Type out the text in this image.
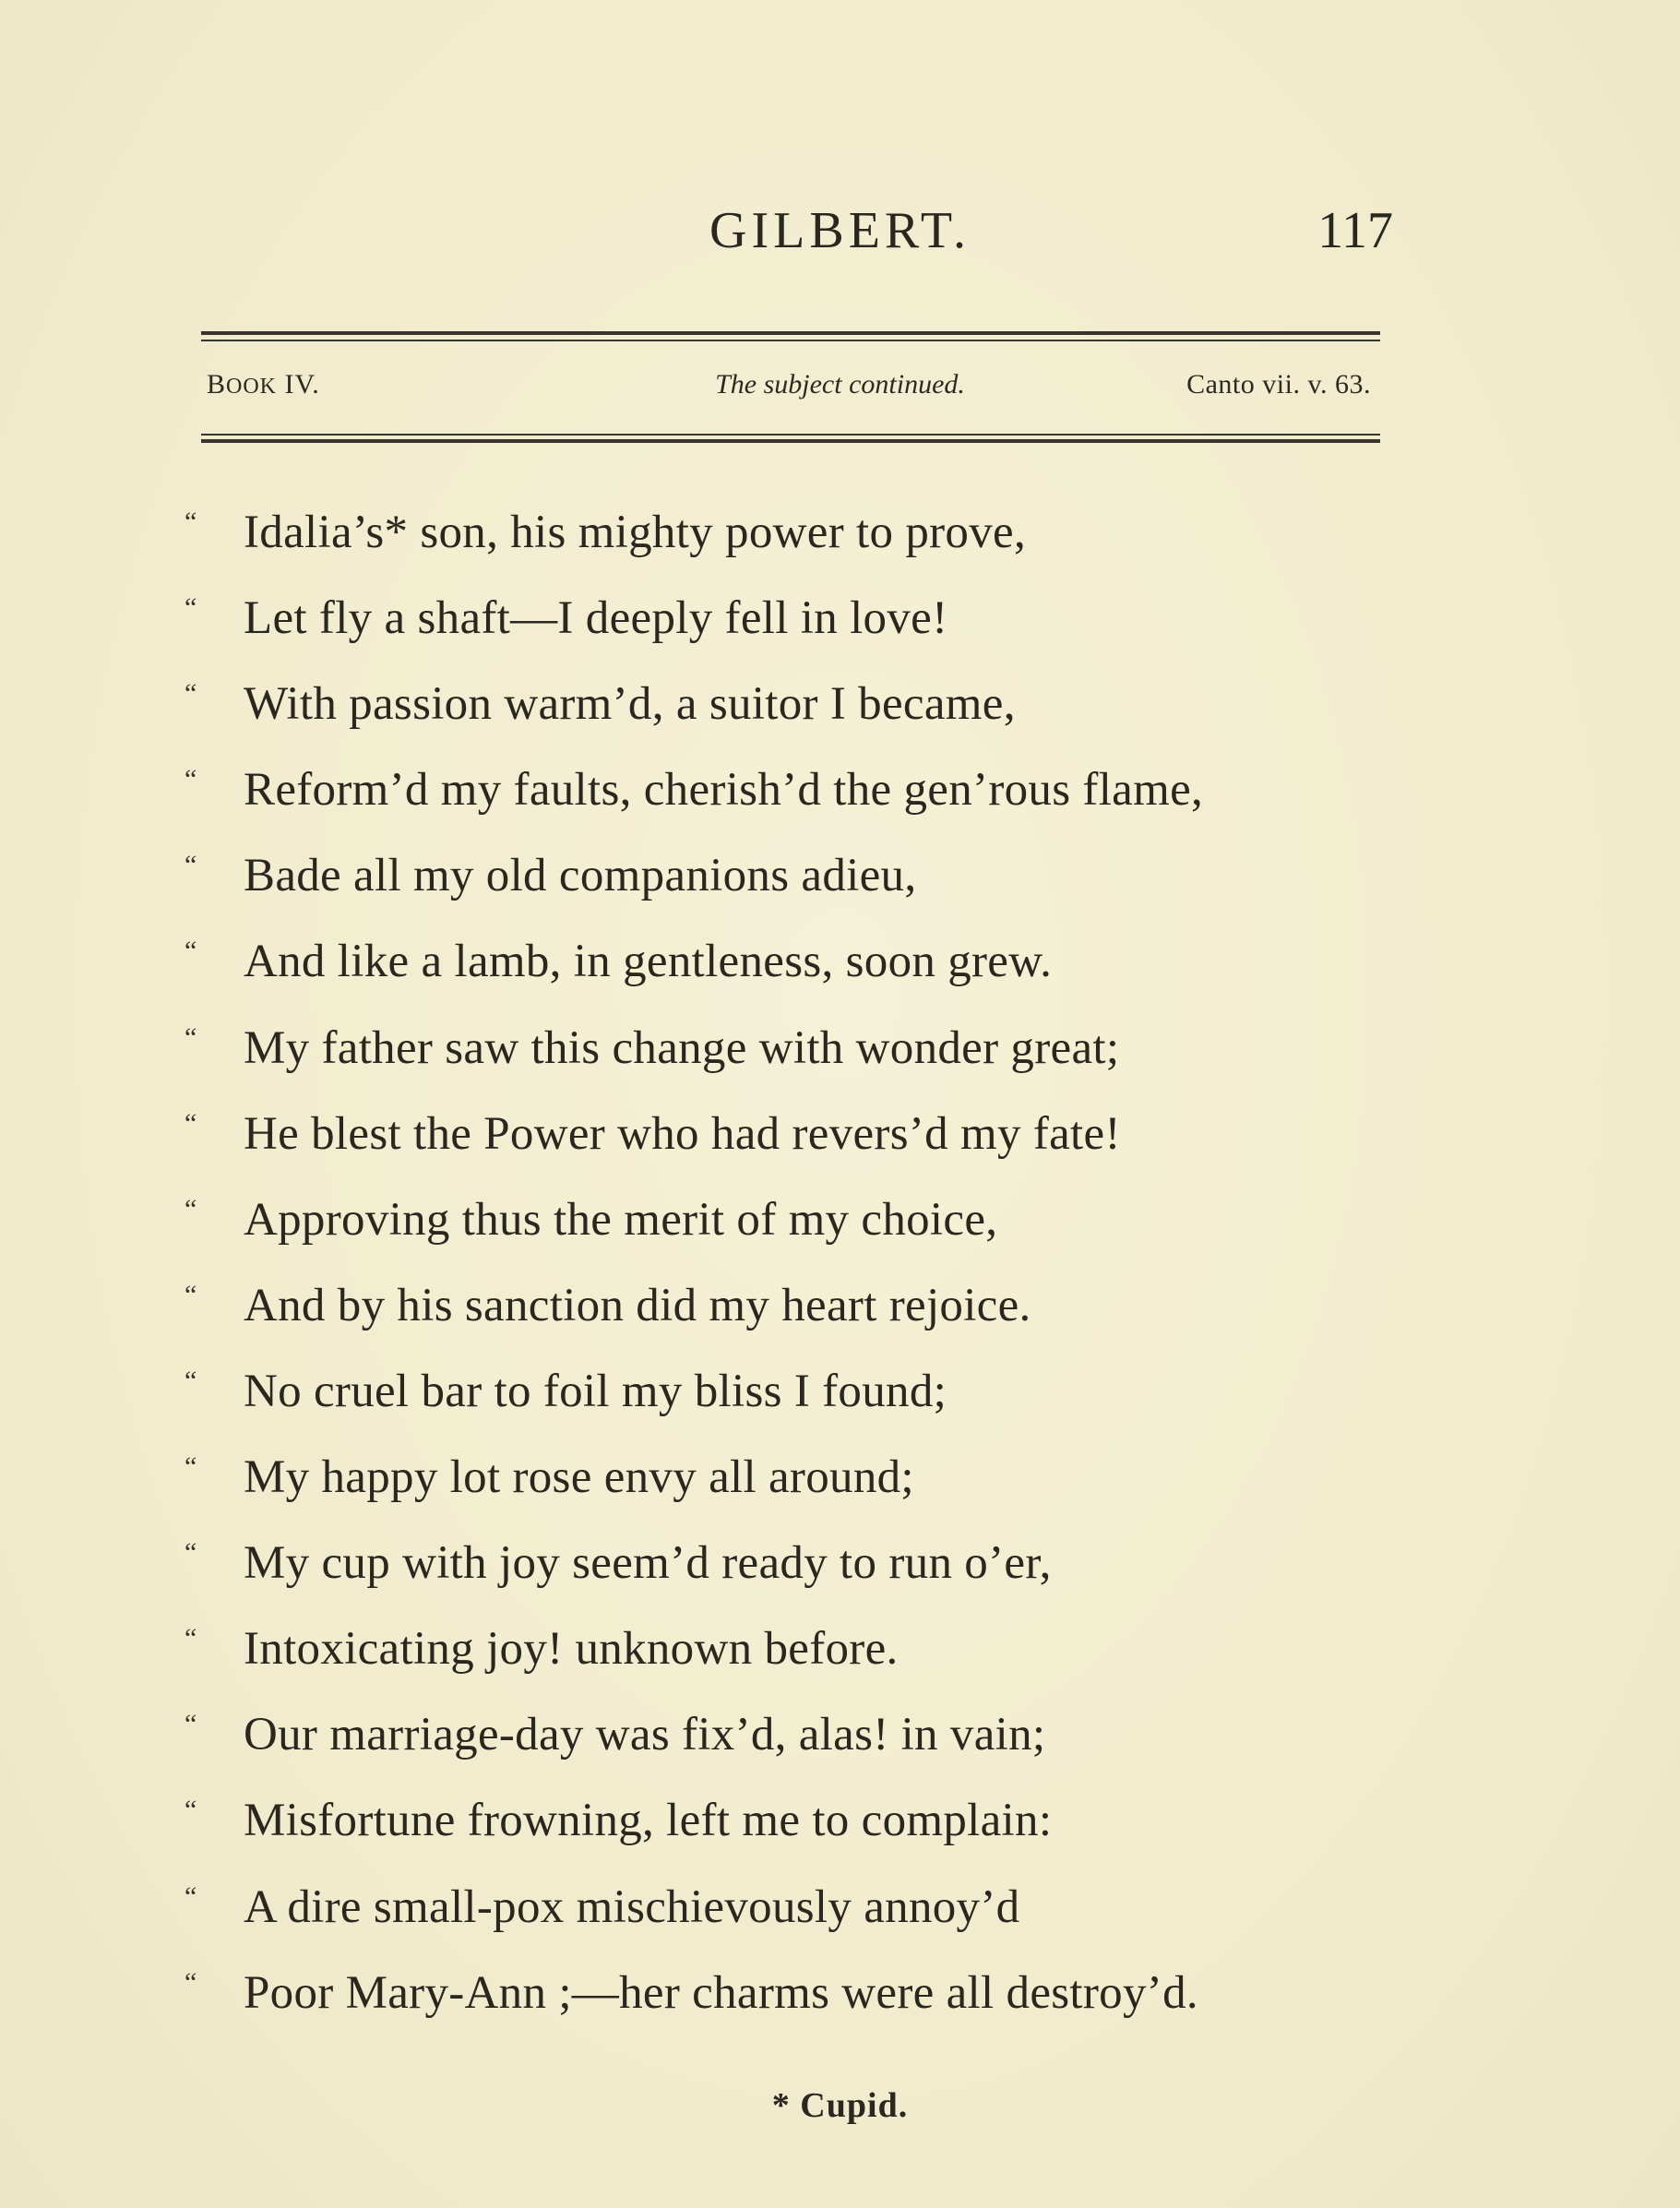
GILBERT.	117
BOOK IV.	The subject continued.	Canto vii. v. 63.
“ Idalia’s* son, his mighty power to prove,
“ Let fly a shaft—I deeply fell in love!
“ With passion warm’d, a suitor I became,
“ Reform’d my faults, cherish’d the gen’rous flame,
“ Bade all my old companions adieu,
“ And like a lamb, in gentleness, soon grew.
“ My father saw this change with wonder great;
“ He blest the Power who had revers’d my fate!
“ Approving thus the merit of my choice,
“ And by his sanction did my heart rejoice.
“ No cruel bar to foil my bliss I found;
“ My happy lot rose envy all around;
“ My cup with joy seem’d ready to run o’er,
“ Intoxicating joy! unknown before.
“ Our marriage-day was fix’d, alas! in vain;
“ Misfortune frowning, left me to complain:
“ A dire small-pox mischievously annoy’d
“ Poor Mary-Ann ;—her charms were all destroy’d.
* Cupid.
